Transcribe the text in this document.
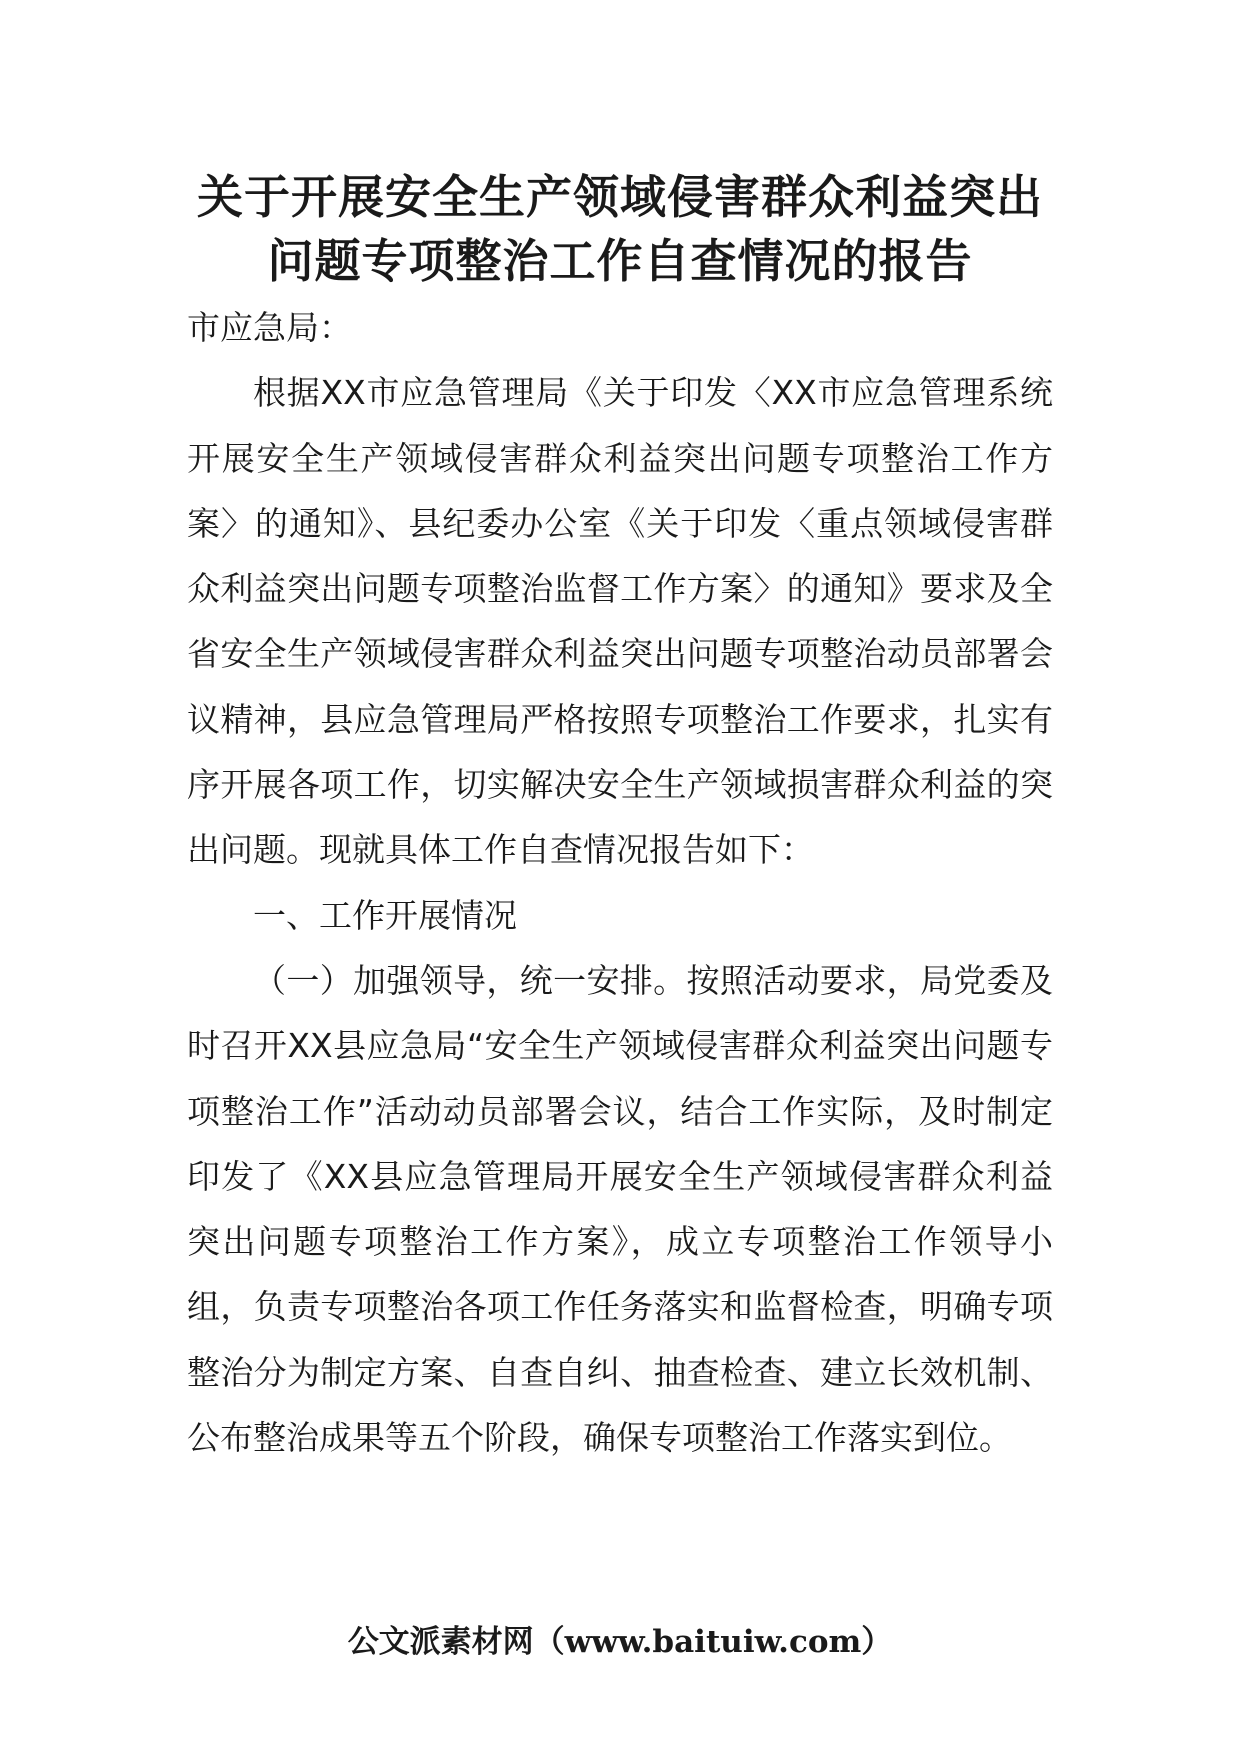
关于开展安全生产领域侵害群众利益突出
问题专项整治工作自查情况的报告

市应急局：

根据XX市应急管理局《关于印发〈XX市应急管理系统开展安全生产领域侵害群众利益突出问题专项整治工作方案〉的通知》、县纪委办公室《关于印发〈重点领域侵害群众利益突出问题专项整治监督工作方案〉的通知》要求及全省安全生产领域侵害群众利益突出问题专项整治动员部署会议精神，县应急管理局严格按照专项整治工作要求，扎实有序开展各项工作，切实解决安全生产领域损害群众利益的突出问题。现就具体工作自查情况报告如下：

一、工作开展情况

（一）加强领导，统一安排。按照活动要求，局党委及时召开XX县应急局“安全生产领域侵害群众利益突出问题专项整治工作”活动动员部署会议，结合工作实际，及时制定印发了《XX县应急管理局开展安全生产领域侵害群众利益突出问题专项整治工作方案》，成立专项整治工作领导小组，负责专项整治各项工作任务落实和监督检查，明确专项整治分为制定方案、自查自纠、抽查检查、建立长效机制、公布整治成果等五个阶段，确保专项整治工作落实到位。

公文派素材网（www.baituiw.com）
